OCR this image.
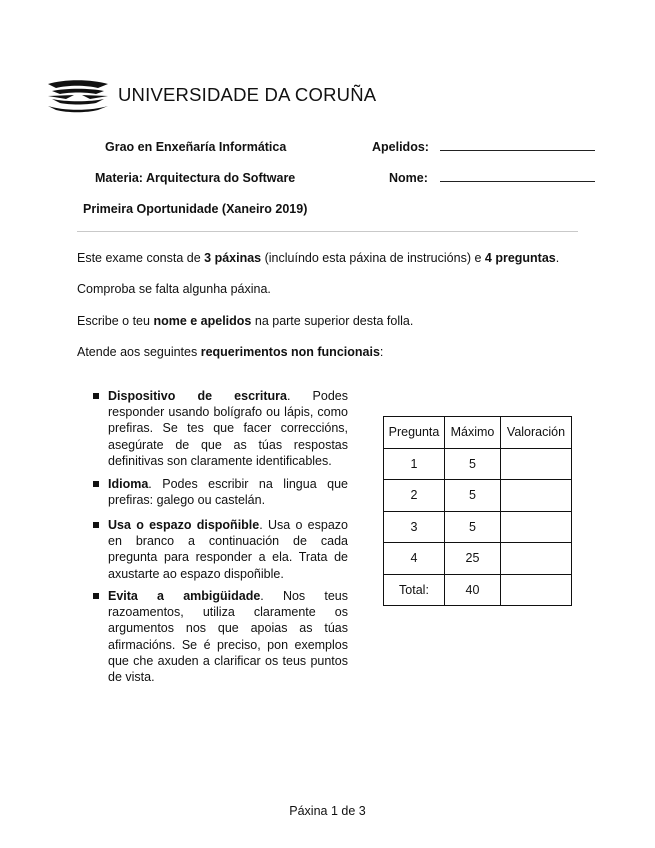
UNIVERSIDADE DA CORUÑA
Grao en Enxeñaría Informática
Materia: Arquitectura do Software
Primeira Oportunidade (Xaneiro 2019)
Apelidos:
Nome:
Este exame consta de 3 páxinas (incluíndo esta páxina de instrucións) e 4 preguntas.
Comproba se falta algunha páxina.
Escribe o teu nome e apelidos na parte superior desta folla.
Atende aos seguintes requerimentos non funcionais:
Dispositivo de escritura. Podes responder usando bolígrafo ou lápis, como prefiras. Se tes que facer correccións, asegúrate de que as túas respostas definitivas son claramente identificables.
Idioma. Podes escribir na lingua que prefiras: galego ou castelán.
Usa o espazo dispoñible. Usa o espazo en branco a continuación de cada pregunta para responder a ela. Trata de axustarte ao espazo dispoñible.
Evita a ambigüidade. Nos teus razoamentos, utiliza claramente os argumentos nos que apoias as túas afirmacións. Se é preciso, pon exemplos que che axuden a clarificar os teus puntos de vista.
Pregunta	Máximo	Valoración
1	5	
2	5	
3	5	
4	25	
Total:	40	
Páxina 1 de 3
